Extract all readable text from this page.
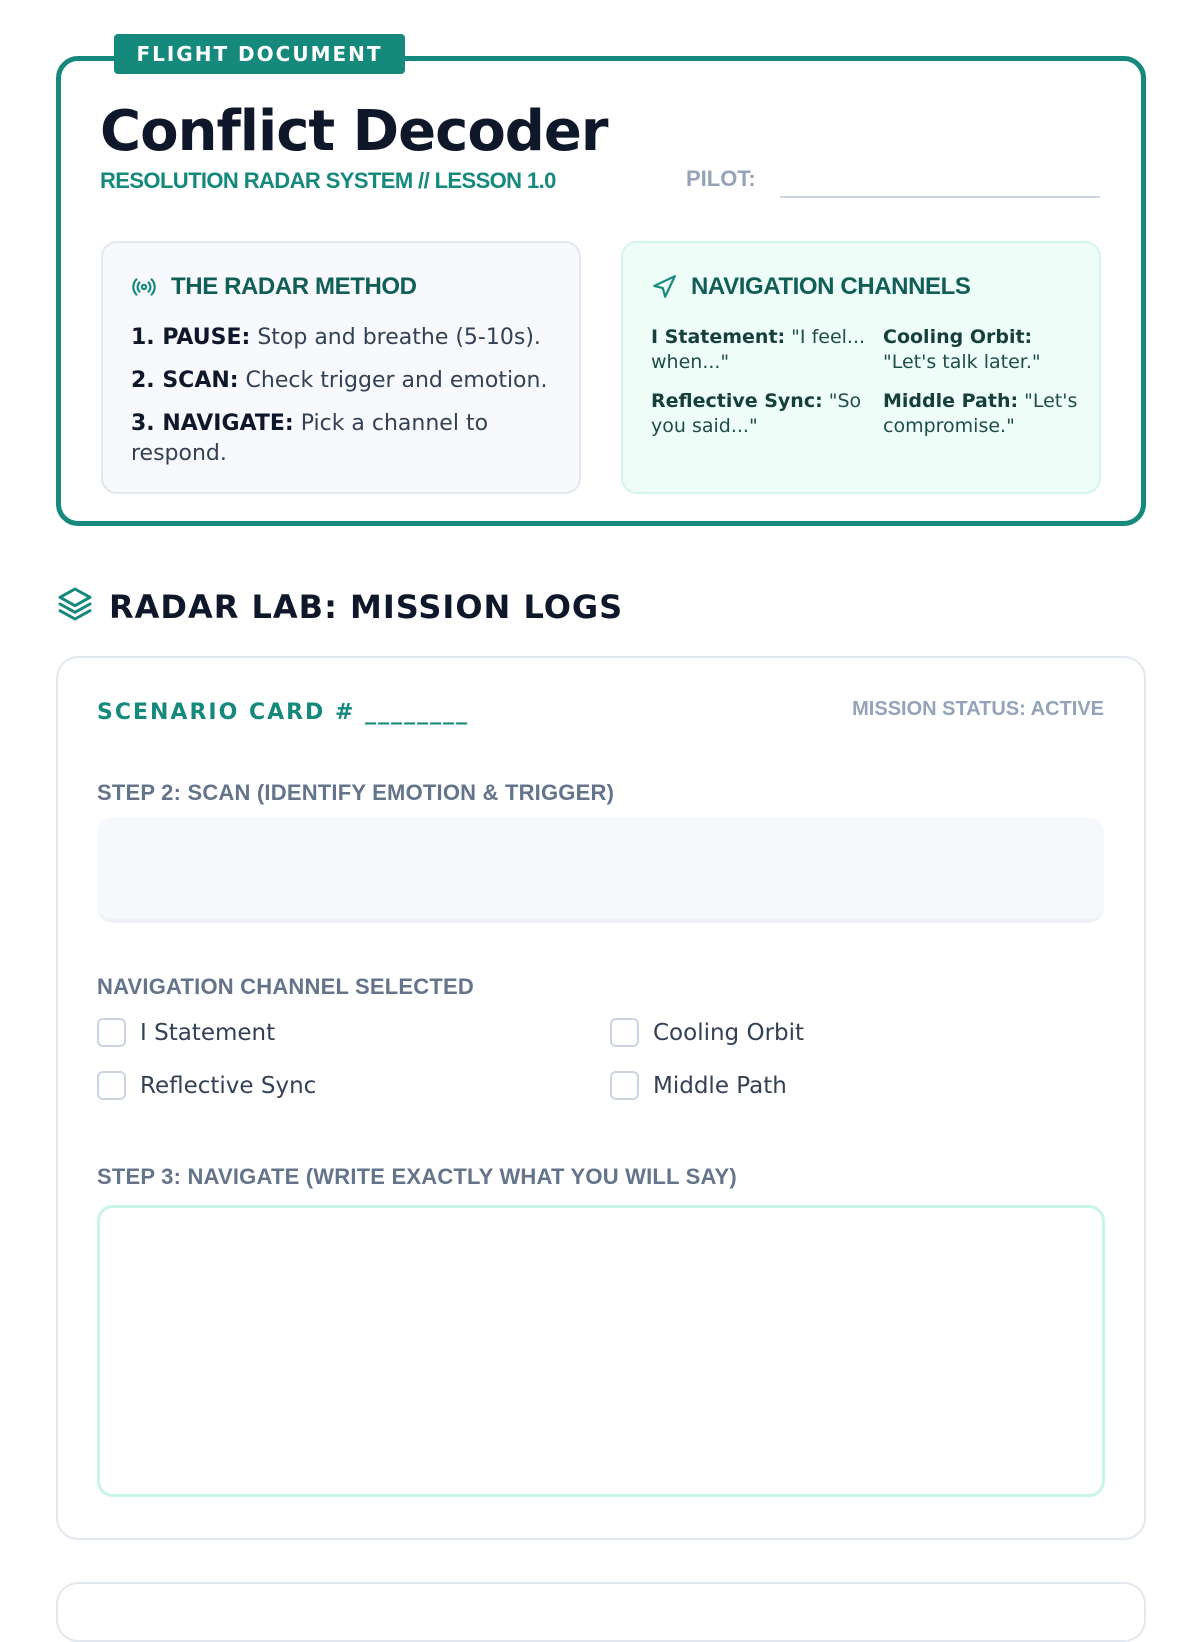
FLIGHT DOCUMENT
Conflict Decoder
RESOLUTION RADAR SYSTEM // LESSON 1.0	PILOT:
THE RADAR METHOD
1. PAUSE: Stop and breathe (5-10s).
2. SCAN: Check trigger and emotion.
3. NAVIGATE: Pick a channel to respond.
NAVIGATION CHANNELS
I Statement: "I feel... when..."
Cooling Orbit: "Let's talk later."
Reflective Sync: "So you said..."
Middle Path: "Let's compromise."
RADAR LAB: MISSION LOGS
SCENARIO CARD # ________	MISSION STATUS: ACTIVE
STEP 2: SCAN (IDENTIFY EMOTION & TRIGGER)
NAVIGATION CHANNEL SELECTED
I Statement	Cooling Orbit
Reflective Sync	Middle Path
STEP 3: NAVIGATE (WRITE EXACTLY WHAT YOU WILL SAY)
